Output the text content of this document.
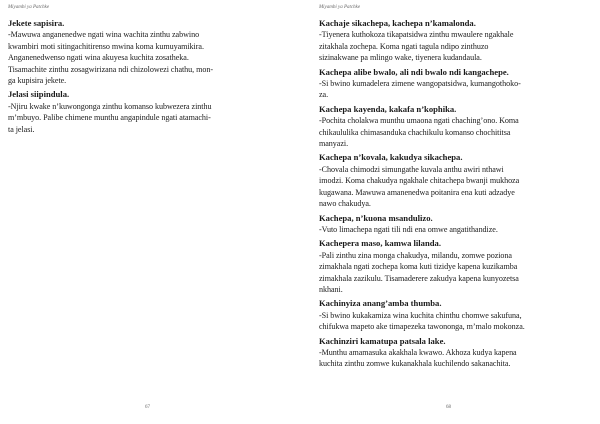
Miyambi ya Patchke
Jekete sapisira.
-Mawuwa anganenedwe ngati wina wachita zinthu zabwino
kwambiri moti sitingachitirenso mwina koma kumuyamikira.
Anganenedwenso ngati wina akuyesa kuchita zosatheka.
Tisamachite zinthu zosagwirizana ndi chizolowezi chathu, mon-
ga kupisira jekete.
Jelasi siipindula.
-Njiru kwake n’kuwongonga zinthu komanso kubwezera zinthu
m’mbuyo. Palibe chimene munthu angapindule ngati atamachi-
ta jelasi.
67
Miyambi ya Patchke
Kachaje sikachepa, kachepa n’kamalonda.
-Tiyenera kuthokoza tikapatsidwa zinthu mwaulere ngakhale
zitakhala zochepa. Koma ngati tagula ndipo zinthuzo
sizinakwane pa mlingo wake, tiyenera kudandaula.
Kachepa alibe bwalo, ali ndi bwalo ndi kangachepe.
-Si bwino kumadelera zimene wangopatsidwa, kumangothoko-
za.
Kachepa kayenda, kakafa n’kophika.
-Pochita cholakwa munthu umaona ngati chaching’ono. Koma
chikaululika chimasanduka chachikulu komanso chochititsa
manyazi.
Kachepa n’kovala, kakudya sikachepa.
-Chovala chimodzi simungathe kuvala anthu awiri nthawi
imodzi. Koma chakudya ngakhale chitachepa bwanji mukhoza
kugawana. Mawuwa amanenedwa poitanira ena kuti adzadye
nawo chakudya.
Kachepa, n’kuona msandulizo.
-Vuto limachepa ngati tili ndi ena omwe angatithandize.
Kachepera maso, kamwa lilanda.
-Pali zinthu zina monga chakudya, milandu, zomwe poziona
zimakhala ngati zochepa koma kuti tizidye kapena kuzikamba
zimakhala zazikulu. Tisamaderere zakudya kapena kunyozetsa
nkhani.
Kachinyiza anang’amba thumba.
-Si bwino kukakamiza wina kuchita chinthu chomwe sakufuna,
chifukwa mapeto ake timapezeka tawononga, m’malo mokonza.
Kachinziri kamatupa patsala lake.
-Munthu amamasuka akakhala kwawo. Akhoza kudya kapena
kuchita zinthu zomwe kukanakhala kuchilendo sakanachita.
68
